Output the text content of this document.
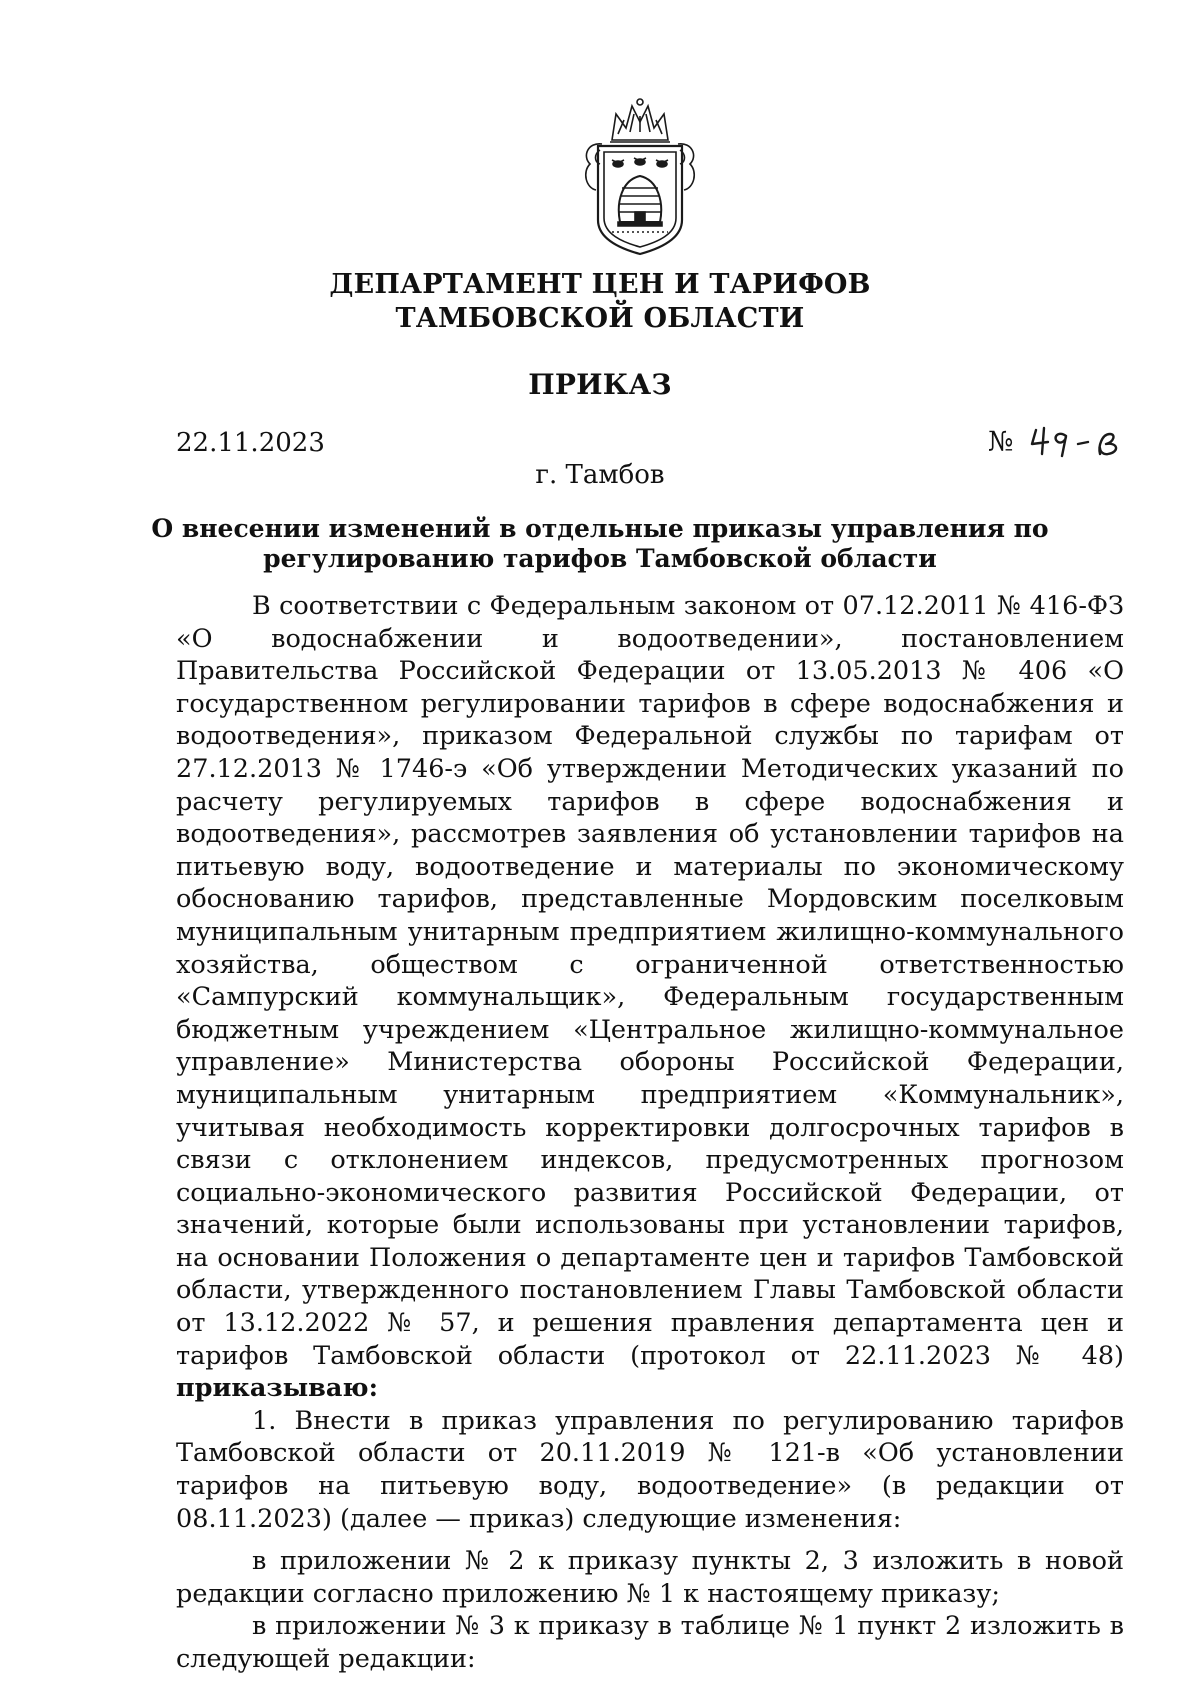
ДЕПАРТАМЕНТ ЦЕН И ТАРИФОВ
ТАМБОВСКОЙ ОБЛАСТИ
ПРИКАЗ
22.11.2023	№
г. Тамбов
О внесении изменений в отдельные приказы управления по
регулированию тарифов Тамбовской области

В соответствии с Федеральным законом от 07.12.2011 № 416-ФЗ «О водоснабжении и водоотведении», постановлением Правительства Российской Федерации от 13.05.2013 № 406 «О государственном регулировании тарифов в сфере водоснабжения и водоотведения», приказом Федеральной службы по тарифам от 27.12.2013 № 1746-э «Об утверждении Методических указаний по расчету регулируемых тарифов в сфере водоснабжения и водоотведения», рассмотрев заявления об установлении тарифов на питьевую воду, водоотведение и материалы по экономическому обоснованию тарифов, представленные Мордовским поселковым муниципальным унитарным предприятием жилищно-коммунального хозяйства, обществом с ограниченной ответственностью «Сампурский коммунальщик», Федеральным государственным бюджетным учреждением «Центральное жилищно-коммунальное управление» Министерства обороны Российской Федерации, муниципальным унитарным предприятием «Коммунальник», учитывая необходимость корректировки долгосрочных тарифов в связи с отклонением индексов, предусмотренных прогнозом социально-экономического развития Российской Федерации, от значений, которые были использованы при установлении тарифов, на основании Положения о департаменте цен и тарифов Тамбовской области, утвержденного постановлением Главы Тамбовской области от 13.12.2022 № 57, и решения правления департамента цен и тарифов Тамбовской области (протокол от 22.11.2023 № 48) приказываю:

1. Внести в приказ управления по регулированию тарифов Тамбовской области от 20.11.2019 № 121-в «Об установлении тарифов на питьевую воду, водоотведение» (в редакции от 08.11.2023) (далее — приказ) следующие изменения:

в приложении № 2 к приказу пункты 2, 3 изложить в новой редакции согласно приложению № 1 к настоящему приказу;

в приложении № 3 к приказу в таблице № 1 пункт 2 изложить в следующей редакции:
